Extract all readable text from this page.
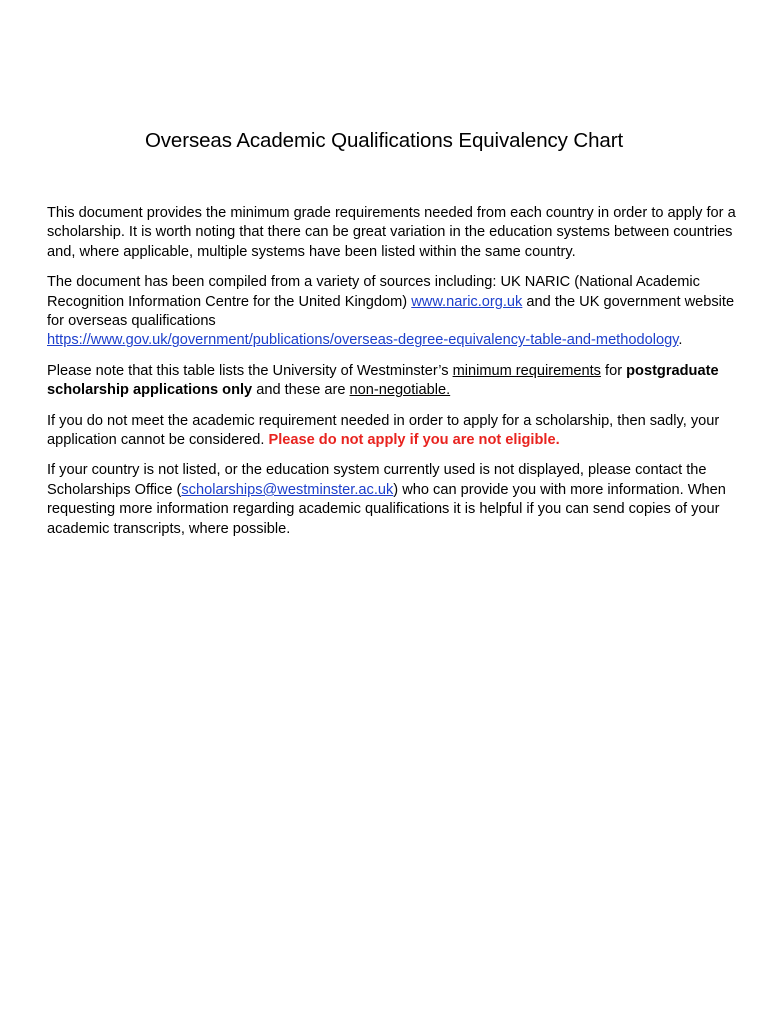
Overseas Academic Qualifications Equivalency Chart

This document provides the minimum grade requirements needed from each country in order to apply for a scholarship. It is worth noting that there can be great variation in the education systems between countries and, where applicable, multiple systems have been listed within the same country.

The document has been compiled from a variety of sources including: UK NARIC (National Academic Recognition Information Centre for the United Kingdom) www.naric.org.uk and the UK government website for overseas qualifications
https://www.gov.uk/government/publications/overseas-degree-equivalency-table-and-methodology.

Please note that this table lists the University of Westminster’s minimum requirements for postgraduate scholarship applications only and these are non-negotiable.

If you do not meet the academic requirement needed in order to apply for a scholarship, then sadly, your application cannot be considered. Please do not apply if you are not eligible.

If your country is not listed, or the education system currently used is not displayed, please contact the Scholarships Office (scholarships@westminster.ac.uk) who can provide you with more information. When requesting more information regarding academic qualifications it is helpful if you can send copies of your academic transcripts, where possible.
